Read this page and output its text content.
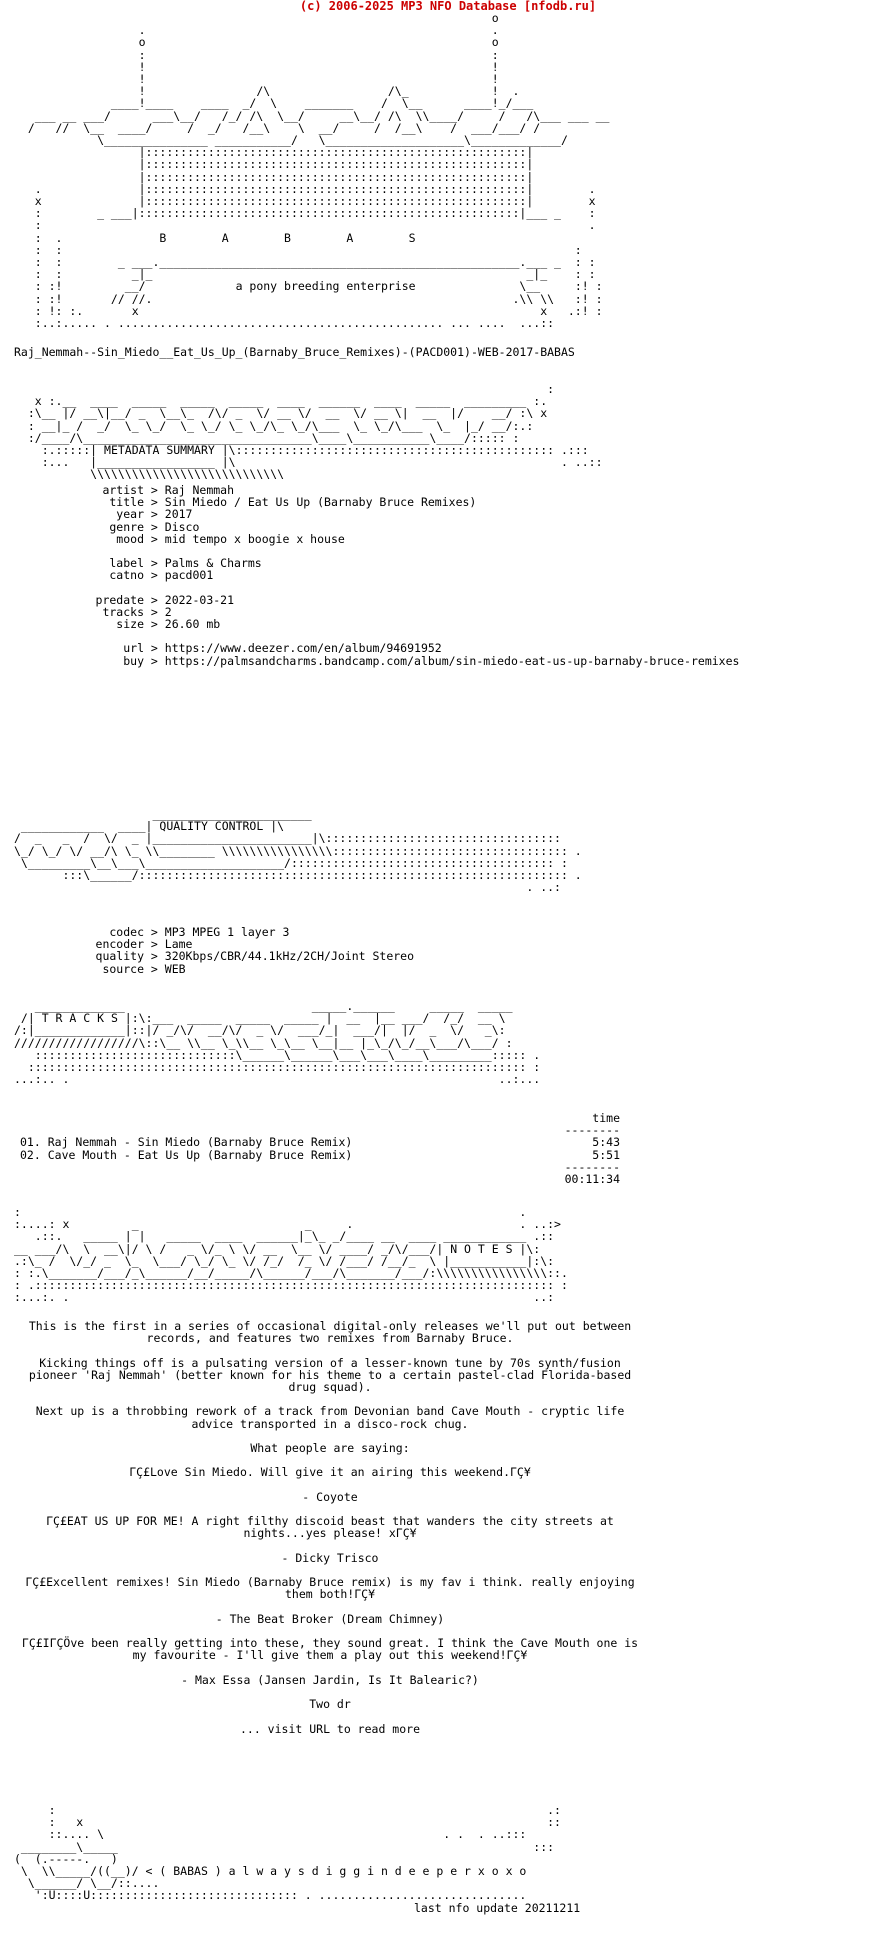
(c) 2006-2025 MP3 NFO Database [nfodb.ru]
o
.                                                  .
o                                                  o
:                                                  :
!                                                  !
!                                                  !
!                /\                 /\_            !  .
____!____    ____  _/  \    _______    /  \__      ____!_/___
___ __ ___/      ___\__/   /_/ /\  \__/     __\__/ /\  \\____/     /   /\___ ___ __
/   //  \__  ____/     /  _/   /__\    \  __/     /  /__\    /  ___/___/ /
\_______________ ___________/   \____________________\_____________/
|:::::::::::::::::::::::::::::::::::::::::::::::::::::::|
|:::::::::::::::::::::::::::::::::::::::::::::::::::::::|
|:::::::::::::::::::::::::::::::::::::::::::::::::::::::|
.              |:::::::::::::::::::::::::::::::::::::::::::::::::::::::|        .
x              |:::::::::::::::::::::::::::::::::::::::::::::::::::::::|        x
:        _ ___|:::::::::::::::::::::::::::::::::::::::::::::::::::::::|___ _    :
:                                                                               .
:  .	B        A        B        A        S
:  :                                                                          :
:  :        _ ___.____________________________________________________.___ _  : :
:  :          _|_                                                      _|_    : :
: :!         __/	a pony breeding enterprise	\__     :! :
: :!       // //.                                                    .\\ \\   :! :
: !: :.       x                                                          x   .:! :
:..:..... . ............................................... ... ....  ...::
Raj_Nemmah--Sin_Miedo__Eat_Us_Up_(Barnaby_Bruce_Remixes)-(PACD001)-WEB-2017-BABAS
:
x :.__  ____  _____  _____  _____  ____  ______  ____  _____  _________ :.
:\__ |/ __\|__/ _  \__\_  /\/ _  \/ __ \/  __  \/ __ \|  __  |/    __/ :\ x
: __|_ /  _/  \_ \_/  \_ \_/ \_ \_/\_ \_/\___  \_ \_/\___  \_  |_/ __/:.:
:/____/\_________________________________\____\___________\____/::::: :
:.:::::| METADATA SUMMARY |\:::::::::::::::::::::::::::::::::::::::::::::: .:::
:...   |_________________ |\                                               . ..::
\\\\\\\\\\\\\\\\\\\\\\\\\\\\
artist > Raj Nemmah
title > Sin Miedo / Eat Us Up (Barnaby Bruce Remixes)
year > 2017
genre > Disco
mood > mid tempo x boogie x house
label > Palms & Charms
catno > pacd001
predate > 2022-03-21
tracks > 2
size > 26.60 mb
url > https://www.deezer.com/en/album/94691952
buy > https://palmsandcharms.bandcamp.com/album/sin-miedo-eat-us-up-barnaby-bruce-remixes
_______________________
____________  ____| QUALITY CONTROL |\
/  _   _  /  \/  _ |_______________________|\::::::::::::::::::::::::::::::::::
\_/ \_/ \/ __/\ \_ \\________ \\\\\\\\\\\\\\\\:::::::::::::::::::::::::::::::::: .
\_________\__\___\____________________/:::::::::::::::::::::::::::::::::::::: :
:::\______/:::::::::::::::::::::::::::::::::::::::::::::::::::::::::::::: .
. ..:
codec > MP3 MPEG 1 layer 3
encoder > Lame
quality > 320Kbps/CBR/44.1kHz/2CH/Joint Stereo
source > WEB
_____________                           _____.______     _____  _____
/| T R A C K S |:\:___  _____  _____  _____ |  __  |__ ___/  /_/  __ \
/:|_____________|::|/ _/\/  __/\/  _ \/  ___/_|  ___/|  |/  _  \/   _\:
//////////////////\::\__ \\__ \_\\__ \_\__ \__|__ |_\_/\_/__\___/\___/ :
:::::::::::::::::::::::::::::\______\______\___\___\____\_________::::: .
:::::::::::::::::::::::::::::::::::::::::::::::::::::::::::::::::::::::: :
...:.. .                                                              ..:...
time
--------
01. Raj Nemmah - Sin Miedo (Barnaby Bruce Remix)	5:43
02. Cave Mouth - Eat Us Up (Barnaby Bruce Remix)	5:51
--------
00:11:34
:                                                                        .
:....: x         _                        _     .                        . ..:>
.::.   _____ | |   _____  ____  ______|_\_ _/____ __  ____ ____________ .::
__ ___/\  \  __\|/ \ /   _ \/_ \ \/ __  \__ \/ ____/ _/\/___/| N O T E S |\:
.:\_ /  \/_/ _  \_  \___/ \_/ \_ \/ /_/  /_ \/ /___/ /__/_  \ |___________|:\:
: :.\_______/___/_\______/__/_____/\______/___/\_______/___/:\\\\\\\\\\\\\\\\::.
: .::::::::::::::::::::::::::::::::::::::::::::::::::::::::::::::::::::::::::: :
:...:. .                                                                   ..:

This is the first in a series of occasional digital-only releases we'll put out between records, and features two remixes from Barnaby Bruce.

Kicking things off is a pulsating version of a lesser-known tune by 70s synth/fusion pioneer 'Raj Nemmah' (better known for his theme to a certain pastel-clad Florida-based drug squad).

Next up is a throbbing rework of a track from Devonian band Cave Mouth - cryptic life advice transported in a disco-rock chug.

What people are saying:

ΓÇ£Love Sin Miedo. Will give it an airing this weekend.ΓÇ¥

- Coyote

ΓÇ£EAT US UP FOR ME! A right filthy discoid beast that wanders the city streets at nights...yes please! xΓÇ¥

- Dicky Trisco

ΓÇ£Excellent remixes! Sin Miedo (Barnaby Bruce remix) is my fav i think. really enjoying them both!ΓÇ¥

- The Beat Broker (Dream Chimney)

ΓÇ£IΓÇÖve been really getting into these, they sound great. I think the Cave Mouth one is my favourite - I'll give them a play out this weekend!ΓÇ¥

- Max Essa (Jansen Jardin, Is It Balearic?)

Two dr

... visit URL to read more

:                                                                       .:
:   x                                                                   ::
::.... \                                                 . .  . ..:::
________\_____                                                            :::
(  (.-----.   )
\  \\_____/((__)/ < ( BABAS ) a l w a y s d i g g i n d e e p e r x o x o
\______/ \__/::....
':U::::U:::::::::::::::::::::::::::::: . ..............................
last nfo update 20211211
